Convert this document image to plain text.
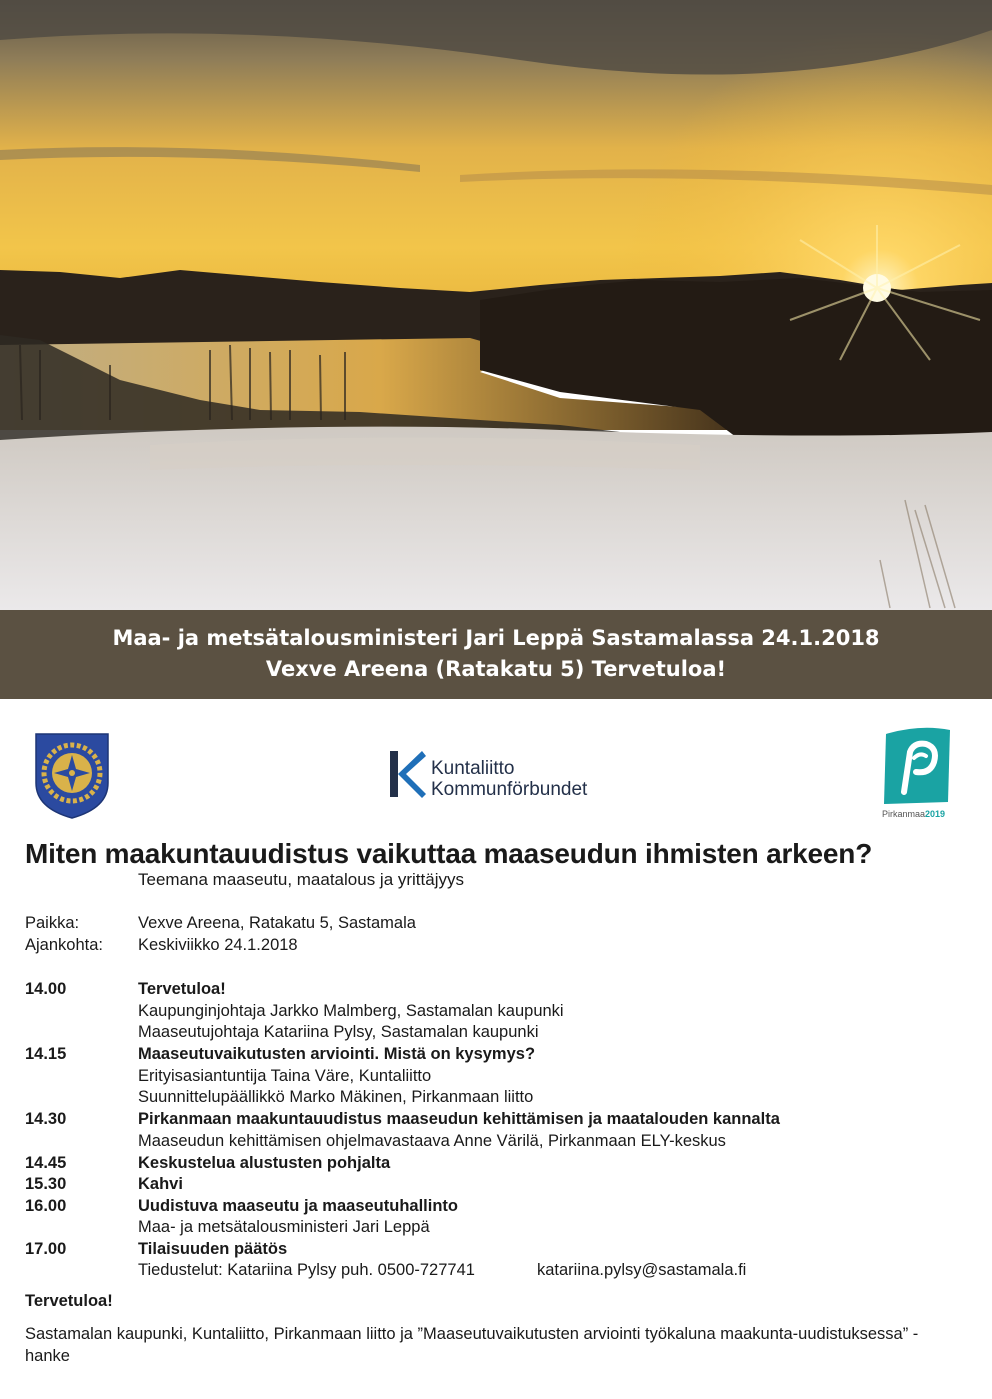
Maa- ja metsätalousministeri Jari Leppä Sastamalassa 24.1.2018
Vexve Areena (Ratakatu 5) Tervetuloa!
Kuntaliitto
Kommunförbundet
Pirkanmaa2019
Miten maakuntauudistus vaikuttaa maaseudun ihmisten arkeen?
Teemana maaseutu, maatalous ja yrittäjyys
Paikka:	Vexve Areena, Ratakatu 5, Sastamala
Ajankohta: Keskiviikko 24.1.2018
14.00	Tervetuloa!
Kaupunginjohtaja Jarkko Malmberg, Sastamalan kaupunki
Maaseutujohtaja Katariina Pylsy, Sastamalan kaupunki
14.15	Maaseutuvaikutusten arviointi. Mistä on kysymys?
Erityisasiantuntija Taina Väre, Kuntaliitto
Suunnittelupäällikkö Marko Mäkinen, Pirkanmaan liitto
14.30	Pirkanmaan maakuntauudistus maaseudun kehittämisen ja maatalouden kannalta
Maaseudun kehittämisen ohjelmavastaava Anne Värilä, Pirkanmaan ELY-keskus
14.45	Keskustelua alustusten pohjalta
15.30	Kahvi
16.00	Uudistuva maaseutu ja maaseutuhallinto
Maa- ja metsätalousministeri Jari Leppä
17.00	Tilaisuuden päätös
Tiedustelut: Katariina Pylsy puh. 0500-727741	katariina.pylsy@sastamala.fi
Tervetuloa!
Sastamalan kaupunki, Kuntaliitto, Pirkanmaan liitto ja ”Maaseutuvaikutusten arviointi työkaluna maakunta-uudistuksessa” -hanke
